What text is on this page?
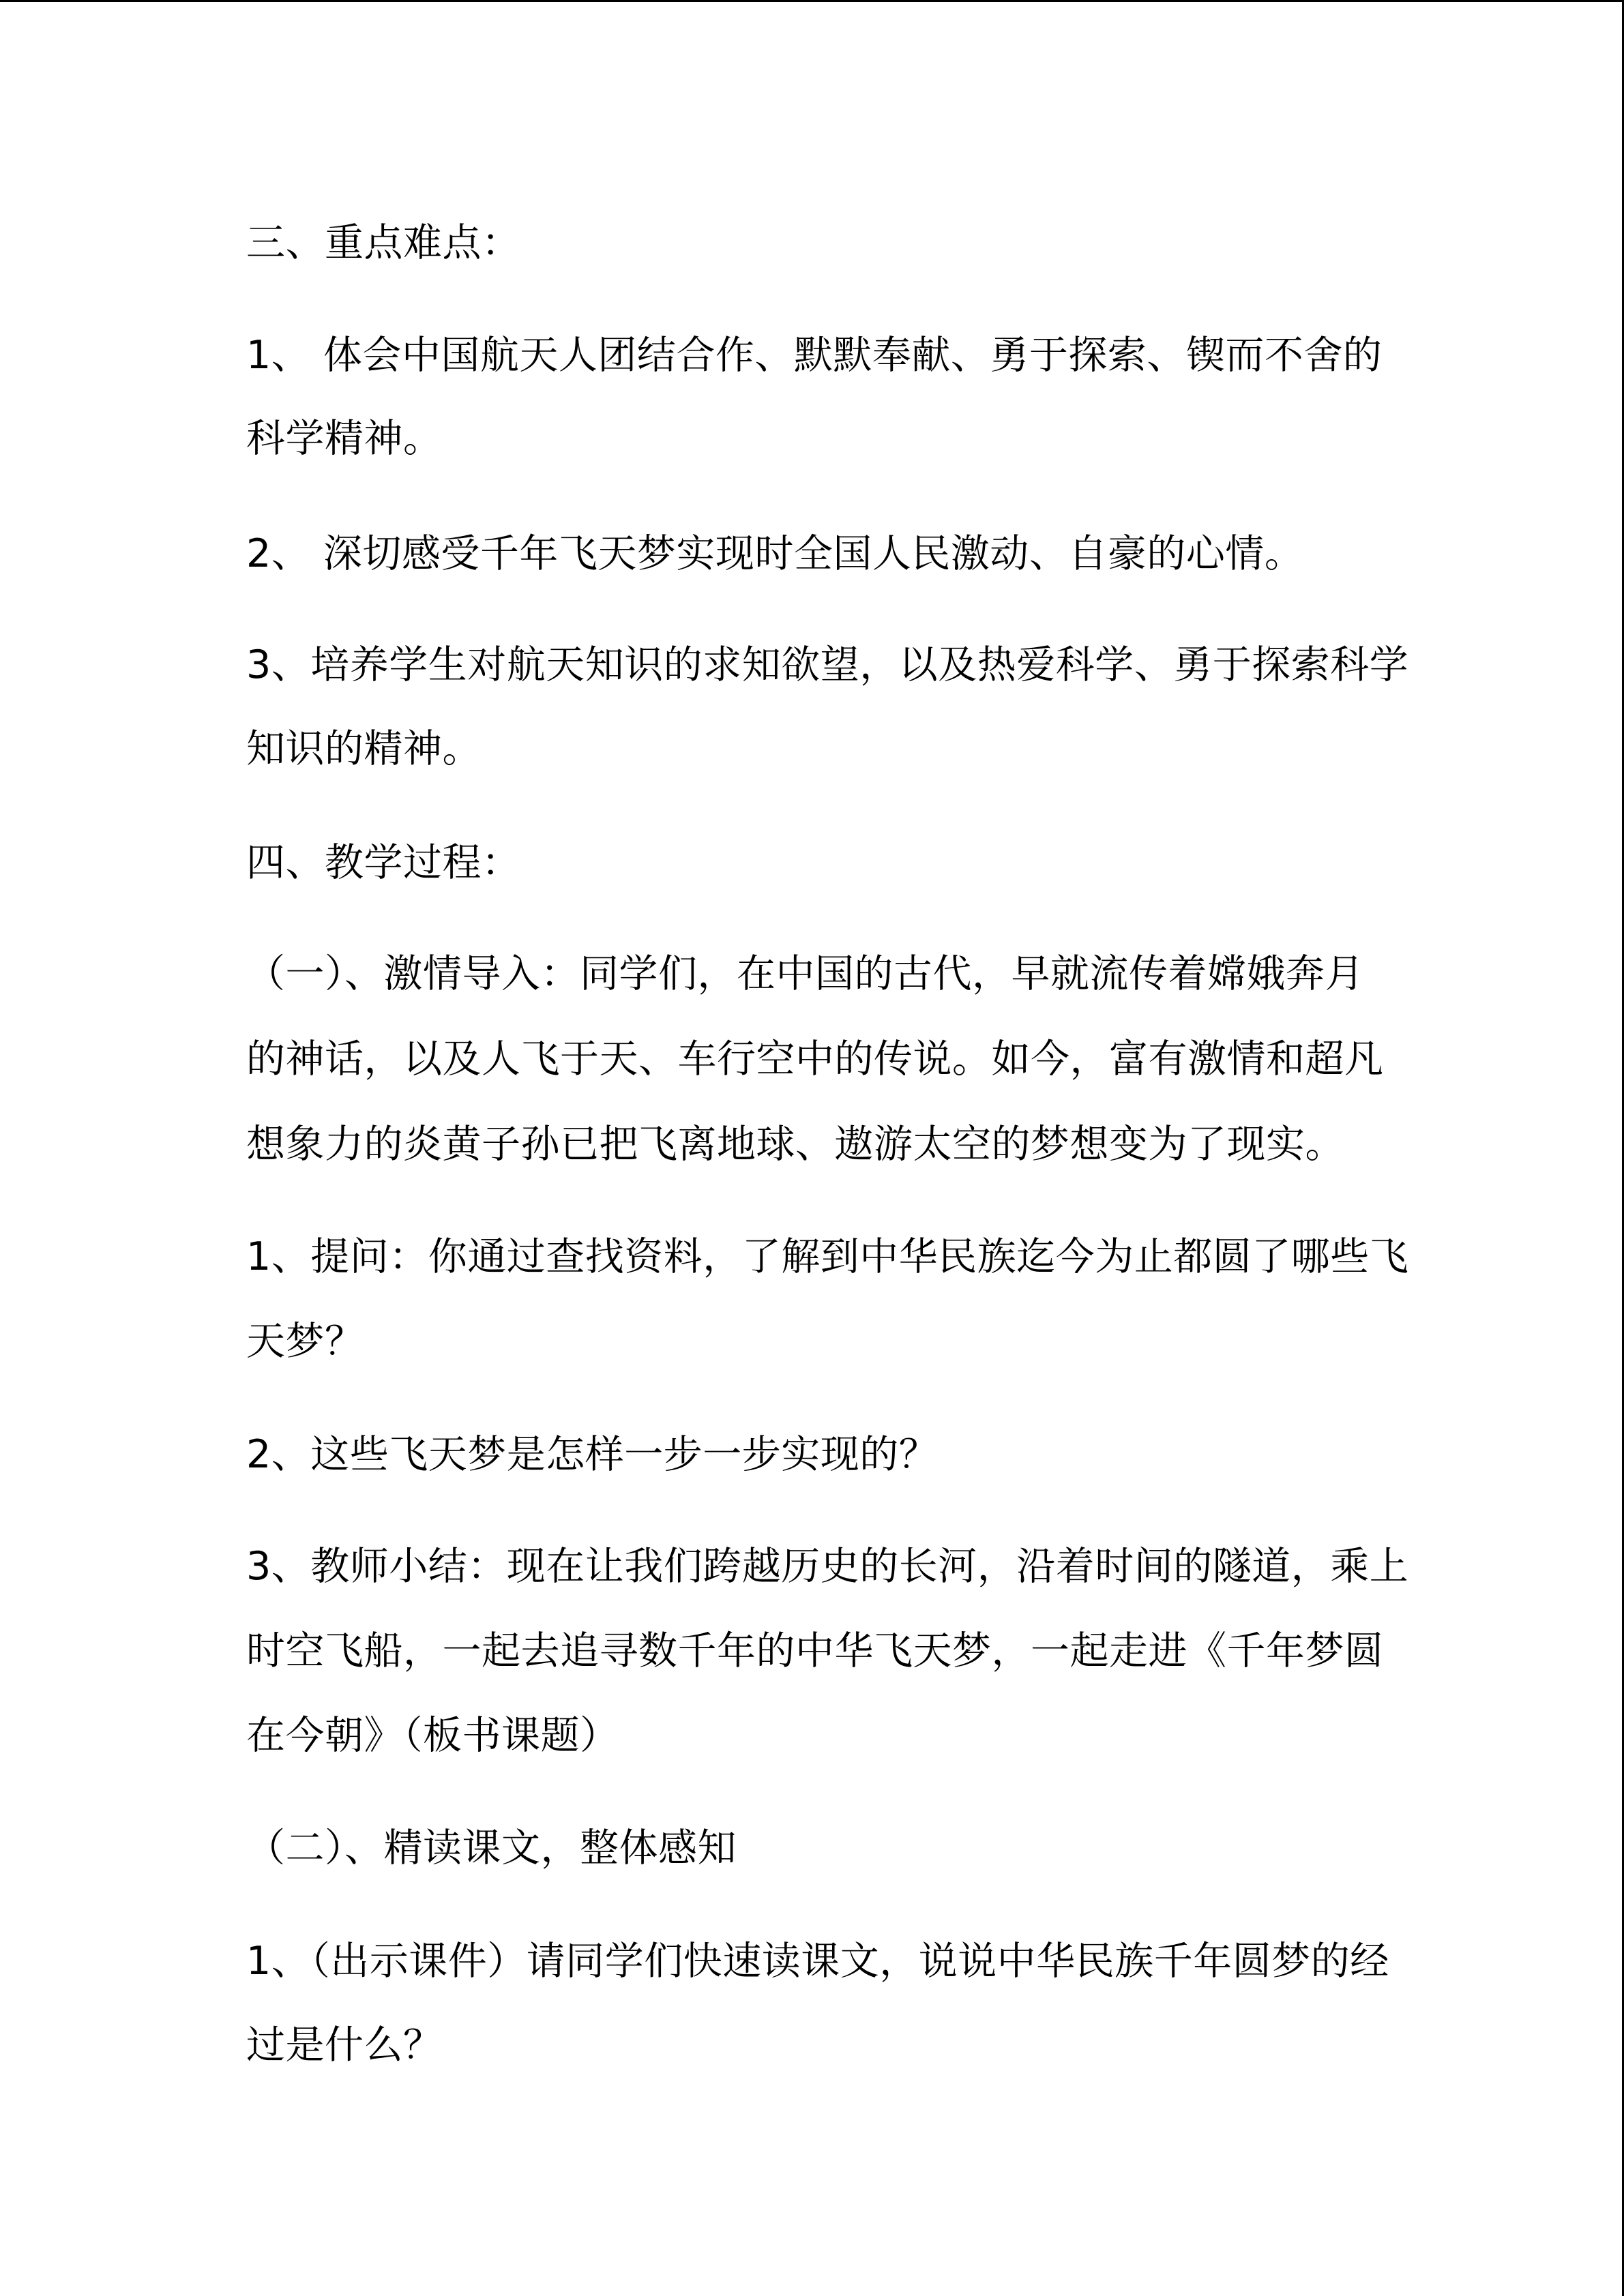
三、重点难点：
1、 体会中国航天人团结合作、默默奉献、勇于探索、锲而不舍的
科学精神。
2、 深切感受千年飞天梦实现时全国人民激动、自豪的心情。
3、培养学生对航天知识的求知欲望，以及热爱科学、勇于探索科学
知识的精神。
四、教学过程：
（一）、激情导入：同学们，在中国的古代，早就流传着嫦娥奔月
的神话，以及人飞于天、车行空中的传说。如今，富有激情和超凡
想象力的炎黄子孙已把飞离地球、遨游太空的梦想变为了现实。
1、提问：你通过查找资料，了解到中华民族迄今为止都圆了哪些飞
天梦？
2、这些飞天梦是怎样一步一步实现的？
3、教师小结：现在让我们跨越历史的长河，沿着时间的隧道，乘上
时空飞船，一起去追寻数千年的中华飞天梦，一起走进《千年梦圆
在今朝》（板书课题）
（二）、精读课文，整体感知
1、（出示课件）请同学们快速读课文，说说中华民族千年圆梦的经
过是什么？
